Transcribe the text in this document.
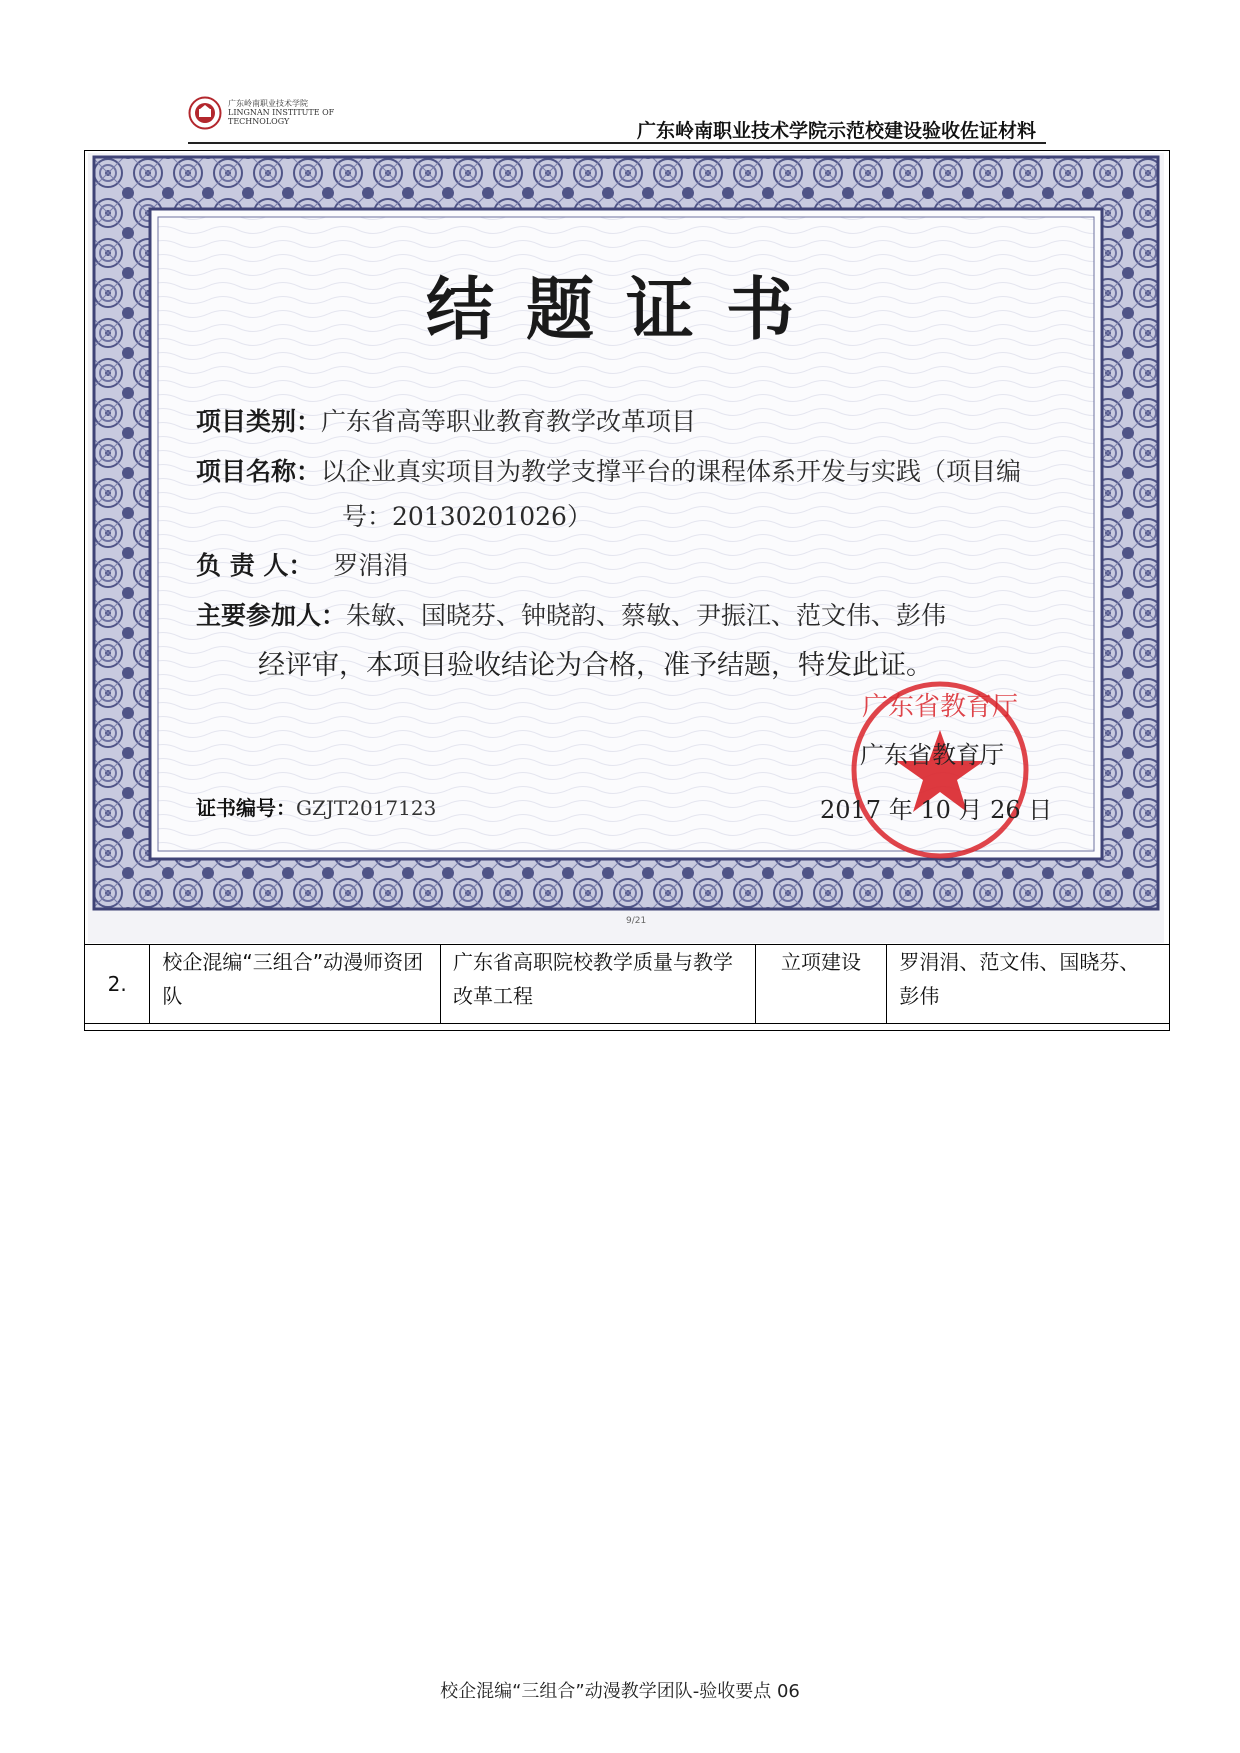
广东岭南职业技术学院
LINGNAN INSTITUTE OF TECHNOLOGY	广东岭南职业技术学院示范校建设验收佐证材料
结题证书
项目类别：广东省高等职业教育教学改革项目
项目名称：以企业真实项目为教学支撑平台的课程体系开发与实践（项目编
号：20130201026）
负 责 人： 罗涓涓
主要参加人：朱敏、国晓芬、钟晓韵、蔡敏、尹振江、范文伟、彭伟
经评审，本项目验收结论为合格，准予结题，特发此证。
广东省教育厅
广东省教育厅
证书编号：GZJT2017123	2017 年 10 月 26 日
9/21
2.	校企混编“三组合”动漫师资团队	广东省高职院校教学质量与教学改革工程	立项建设	罗涓涓、范文伟、国晓芬、彭伟
校企混编“三组合”动漫教学团队-验收要点 06
